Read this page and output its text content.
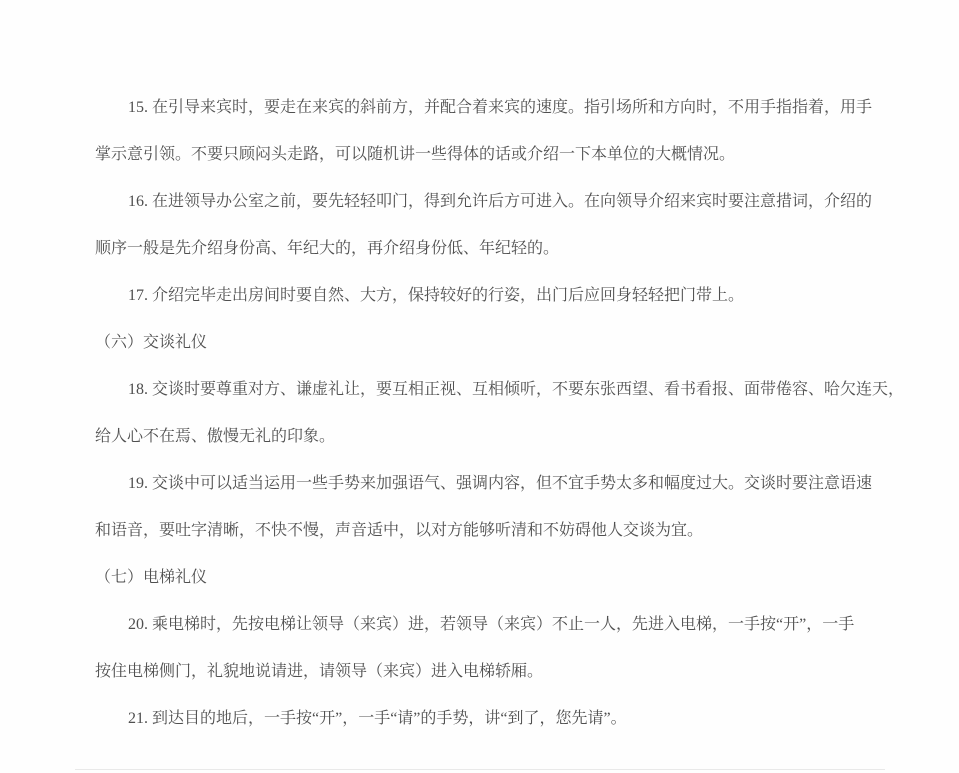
15. 在引导来宾时，要走在来宾的斜前方，并配合着来宾的速度。指引场所和方向时，不用手指指着，用手
掌示意引领。不要只顾闷头走路，可以随机讲一些得体的话或介绍一下本单位的大概情况。
16. 在进领导办公室之前，要先轻轻叩门，得到允许后方可进入。在向领导介绍来宾时要注意措词，介绍的
顺序一般是先介绍身份高、年纪大的，再介绍身份低、年纪轻的。
17. 介绍完毕走出房间时要自然、大方，保持较好的行姿，出门后应回身轻轻把门带上。
（六）交谈礼仪
18. 交谈时要尊重对方、谦虚礼让，要互相正视、互相倾听，不要东张西望、看书看报、面带倦容、哈欠连天，
给人心不在焉、傲慢无礼的印象。
19. 交谈中可以适当运用一些手势来加强语气、强调内容，但不宜手势太多和幅度过大。交谈时要注意语速
和语音，要吐字清晰，不快不慢，声音适中，以对方能够听清和不妨碍他人交谈为宜。
（七）电梯礼仪
20. 乘电梯时，先按电梯让领导（来宾）进，若领导（来宾）不止一人，先进入电梯，一手按“开”，一手
按住电梯侧门，礼貌地说请进，请领导（来宾）进入电梯轿厢。
21. 到达目的地后，一手按“开”，一手“请”的手势，讲“到了，您先请”。
